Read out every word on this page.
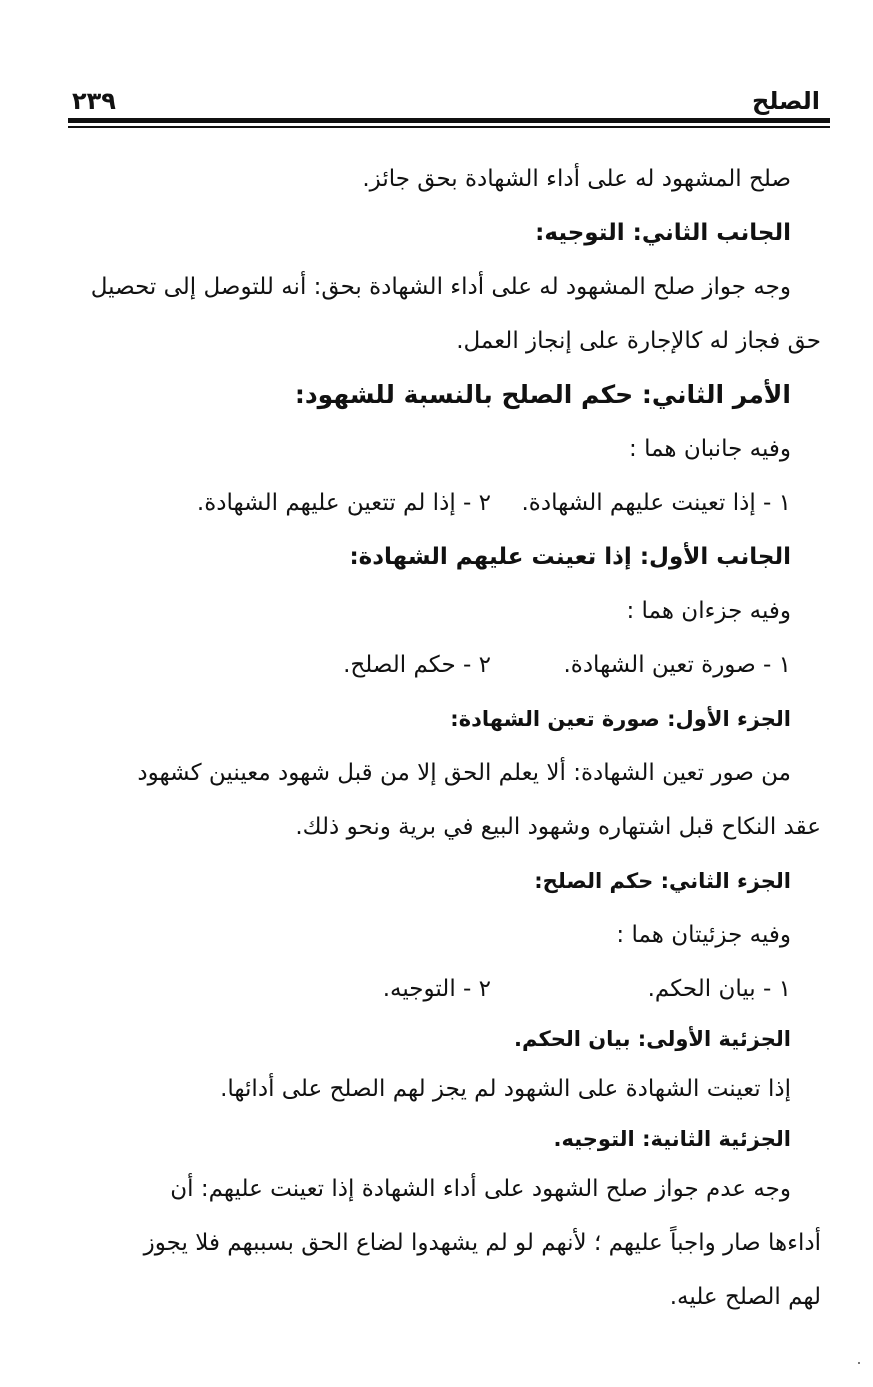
الصلح
٢٣٩
صلح المشهود له على أداء الشهادة بحق جائز.
الجانب الثاني: التوجيه:
وجه جواز صلح المشهود له على أداء الشهادة بحق: أنه للتوصل إلى تحصيل
حق فجاز له كالإجارة على إنجاز العمل.
الأمر الثاني: حكم الصلح بالنسبة للشهود:
وفيه جانبان هما :
١ - إذا تعينت عليهم الشهادة.
٢ - إذا لم تتعين عليهم الشهادة.
الجانب الأول: إذا تعينت عليهم الشهادة:
وفيه جزءان هما :
١ - صورة تعين الشهادة.
٢ - حكم الصلح.
الجزء الأول: صورة تعين الشهادة:
من صور تعين الشهادة: ألا يعلم الحق إلا من قبل شهود معينين كشهود
عقد النكاح قبل اشتهاره وشهود البيع في برية ونحو ذلك.
الجزء الثاني: حكم الصلح:
وفيه جزئيتان هما :
١ - بيان الحكم.
٢ - التوجيه.
الجزئية الأولى: بيان الحكم.
إذا تعينت الشهادة على الشهود لم يجز لهم الصلح على أدائها.
الجزئية الثانية: التوجيه.
وجه عدم جواز صلح الشهود على أداء الشهادة إذا تعينت عليهم: أن
أداءها صار واجباً عليهم ؛ لأنهم لو لم يشهدوا لضاع الحق بسببهم فلا يجوز
لهم الصلح عليه.
